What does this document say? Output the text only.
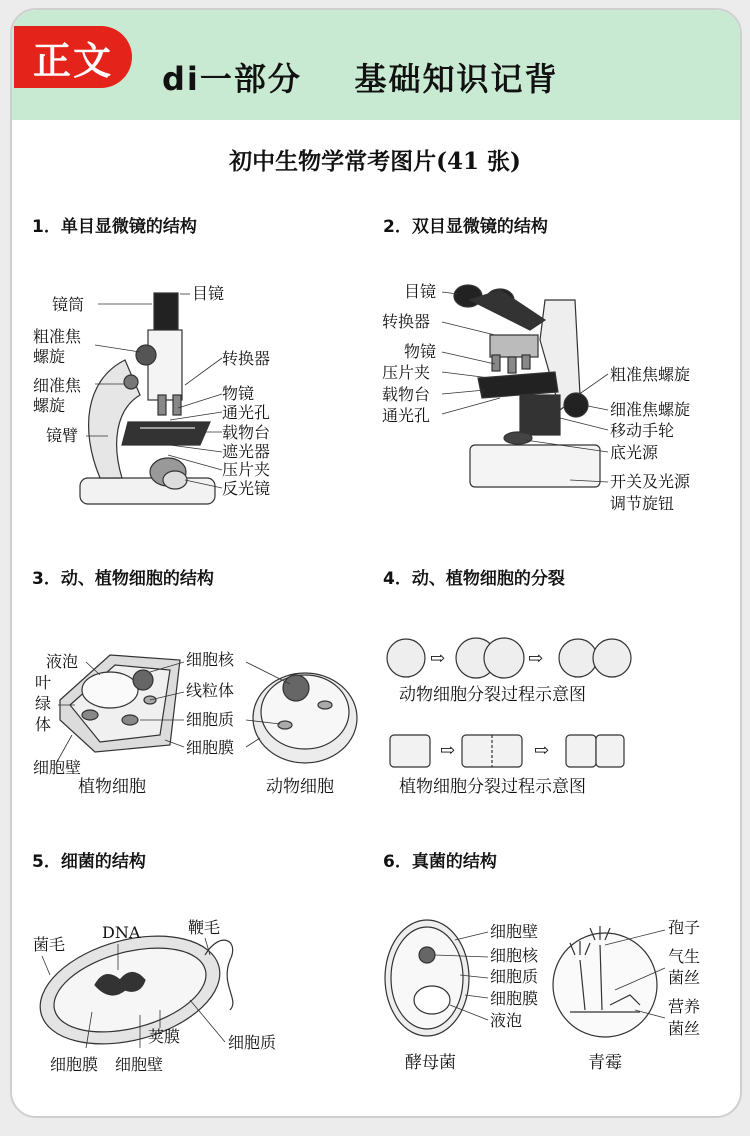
正文	di一部分    基础知识记背
初中生物学常考图片(41 张)
1．单目显微镜的结构	2．双目显微镜的结构
3．动、植物细胞的结构	4．动、植物细胞的分裂
5．细菌的结构	6．真菌的结构
⇨	⇨
⇨	⇨
镜筒
目镜
粗准焦
螺旋
细准焦
螺旋
镜臂
转换器
物镜
通光孔
载物台
遮光器
压片夹
反光镜
目镜
转换器
物镜
压片夹
载物台
通光孔
粗准焦螺旋
细准焦螺旋
移动手轮
底光源
开关及光源
调节旋钮
液泡
叶
绿
体
细胞壁
细胞核
线粒体
细胞质
细胞膜
植物细胞	动物细胞
动物细胞分裂过程示意图
植物细胞分裂过程示意图
菌毛
DNA	鞭毛
荚膜	细胞质
细胞膜 细胞壁
细胞壁
细胞核
细胞质
细胞膜
液泡
孢子
气生
菌丝
营养
菌丝
酵母菌	青霉
